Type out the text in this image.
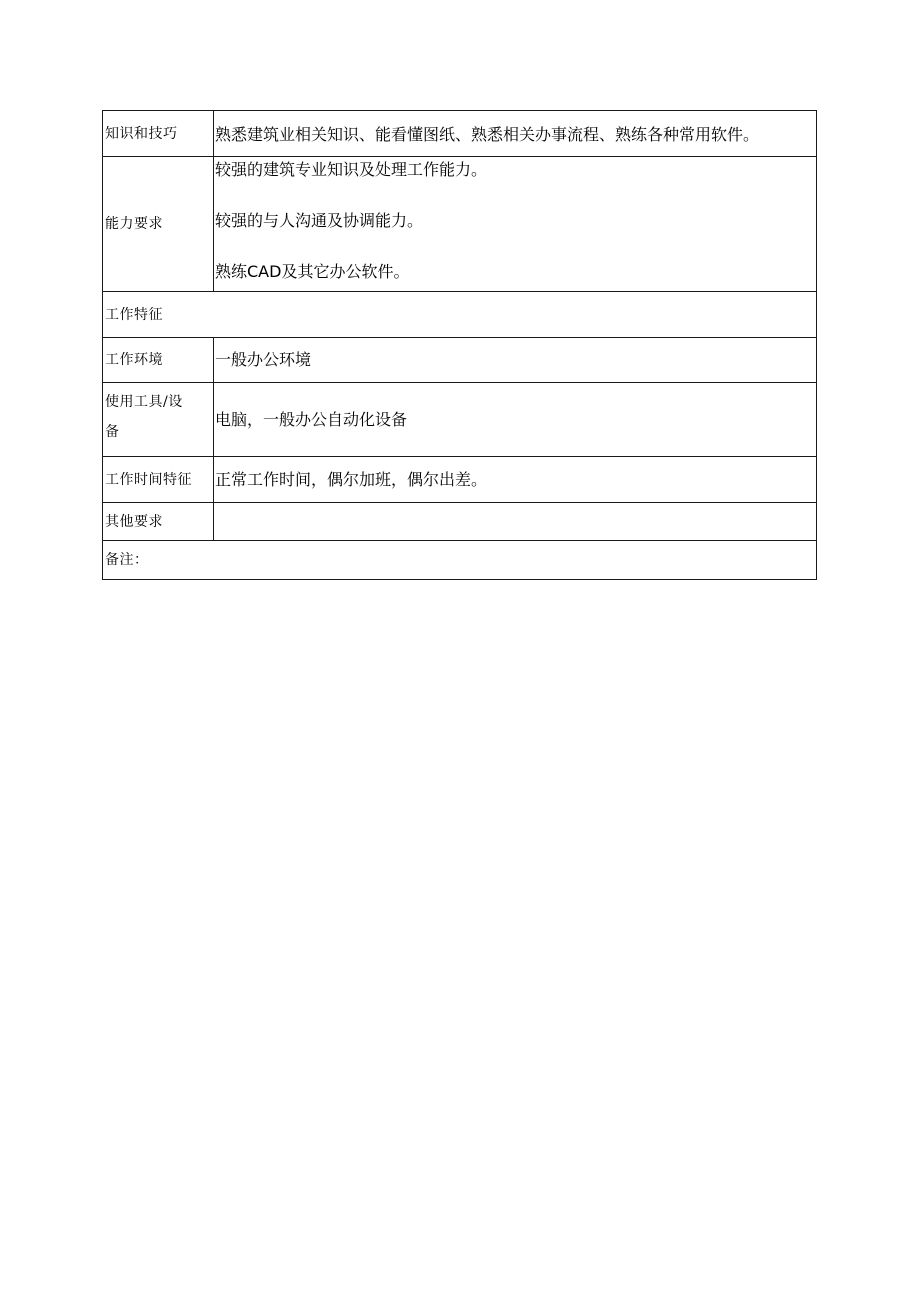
知识和技巧	熟悉建筑业相关知识、能看懂图纸、熟悉相关办事流程、熟练各种常用软件。

能力要求	较强的建筑专业知识及处理工作能力。
较强的与人沟通及协调能力。
熟练CAD及其它办公软件。

工作特征	
工作环境	一般办公环境

使用工具/设
备	电脑，一般办公自动化设备
工作时间特征	正常工作时间，偶尔加班，偶尔出差。
其他要求	
备注：	
